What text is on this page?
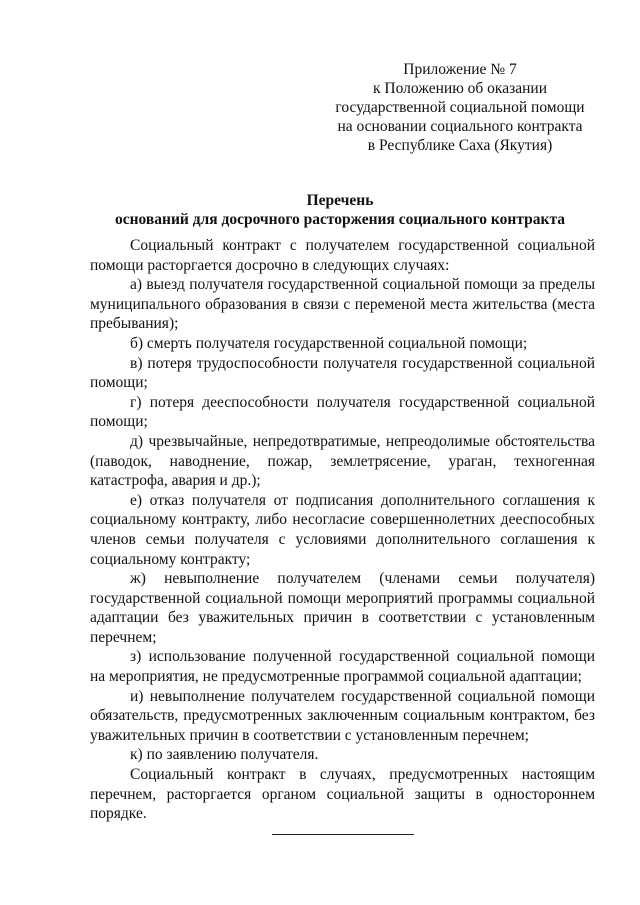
Приложение № 7
к Положению об оказании
государственной социальной помощи
на основании социального контракта
в Республике Саха (Якутия)
Перечень
оснований для досрочного расторжения социального контракта

Социальный контракт с получателем государственной социальной помощи расторгается досрочно в следующих случаях:

а) выезд получателя государственной социальной помощи за пределы муниципального образования в связи с переменой места жительства (места пребывания);

б) смерть получателя государственной социальной помощи;

в) потеря трудоспособности получателя государственной социальной помощи;

г) потеря дееспособности получателя государственной социальной помощи;

д) чрезвычайные, непредотвратимые, непреодолимые обстоятельства (паводок, наводнение, пожар, землетрясение, ураган, техногенная катастрофа, авария и др.);

е) отказ получателя от подписания дополнительного соглашения к социальному контракту, либо несогласие совершеннолетних дееспособных членов семьи получателя с условиями дополнительного соглашения к социальному контракту;

ж) невыполнение получателем (членами семьи получателя) государственной социальной помощи мероприятий программы социальной адаптации без уважительных причин в соответствии с установленным перечнем;

з) использование полученной государственной социальной помощи на мероприятия, не предусмотренные программой социальной адаптации;

и) невыполнение получателем государственной социальной помощи обязательств, предусмотренных заключенным социальным контрактом, без уважительных причин в соответствии с установленным перечнем;

к) по заявлению получателя.

Социальный контракт в случаях, предусмотренных настоящим перечнем, расторгается органом социальной защиты в одностороннем порядке.
